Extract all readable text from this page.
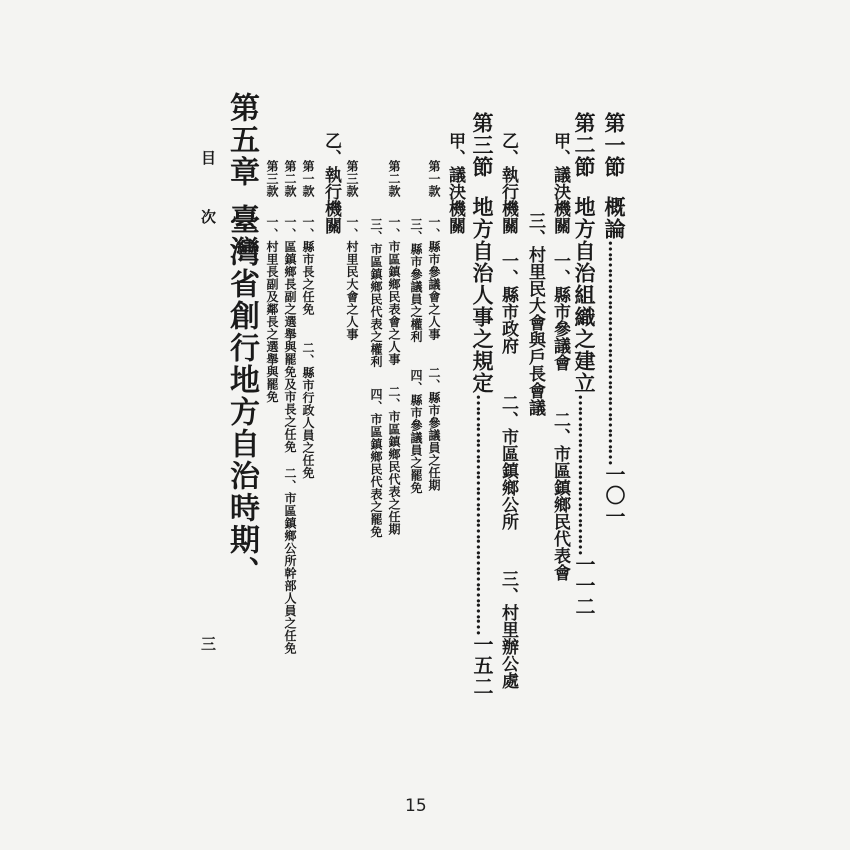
第一節概論……………………………………一〇一
第二節地方自治組織之建立…………………………一一二
甲、議決機關一、縣市參議會二、市區鎮鄉民代表會
三、村里民大會與戶長會議
乙、執行機關一、縣市政府二、市區鎮鄉公所三、村里辦公處
第三節地方自治人事之規定………………………………………一五二
甲、議決機關
第一款一、縣市參議會之人事二、縣市參議員之任期
三、縣市參議員之權利四、縣市參議員之罷免
第二款一、市區鎮鄉民表會之人事二、市區鎮鄉民代表之任期
三、市區鎮鄉民代表之權利四、市區鎮鄉民代表之罷免
第三款一、村里民大會之人事
乙、執行機關
第一款一、縣市長之任免二、縣市行政人員之任免
第二款一、區鎮鄉長副之選舉與罷免及市長之任免二、市區鎮鄉公所幹部人員之任免
第三款一、村里長副及鄰長之選舉與罷免
第五章臺灣省創行地方自治時期、
目次
三
15
